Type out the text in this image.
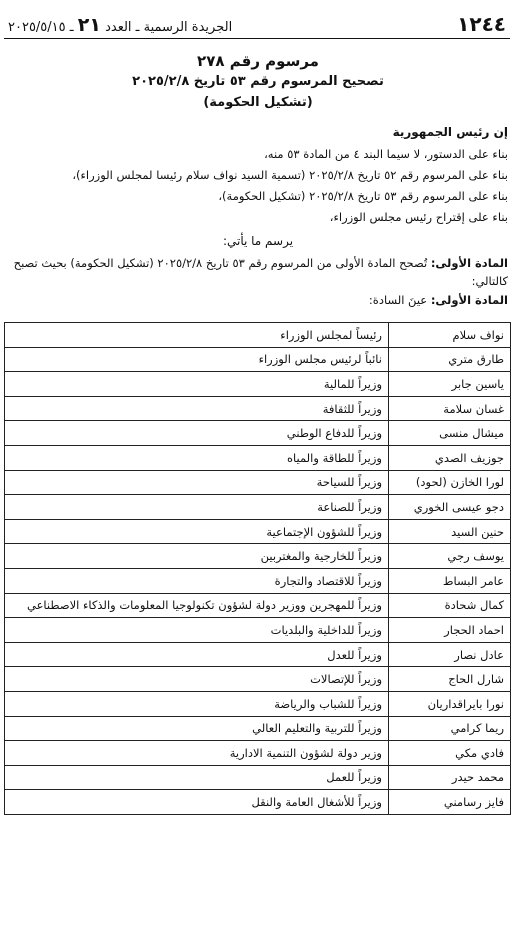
١٢٤٤
الجريدة الرسمية ـ العدد ٢١ ـ ٢٠٢٥/٥/١٥
مرسوم رقم ٢٧٨
تصحيح المرسوم رقم ٥٣ تاريخ ٢٠٢٥/٢/٨
(تشكيل الحكومة)
إن رئيس الجمهورية
بناء على الدستور، لا سيما البند ٤ من المادة ٥٣ منه،
بناء على المرسوم رقم ٥٢ تاريخ ٢٠٢٥/٢/٨ (تسمية السيد نواف سلام رئيسا لمجلس الوزراء)،
بناء على المرسوم رقم ٥٣ تاريخ ٢٠٢٥/٢/٨ (تشكيل الحكومة)،
بناء على إقتراح رئيس مجلس الوزراء،
يرسم ما يأتي:
المادة الأولى: تُصحح المادة الأولى من المرسوم رقم ٥٣ تاريخ ٢٠٢٥/٢/٨ (تشكيل الحكومة) بحيث تصبح كالتالي:
المادة الأولى: عينَ السادة:
نواف سلام	رئيساً لمجلس الوزراء
طارق متري	نائباً لرئيس مجلس الوزراء
ياسين جابر	وزيراً للمالية
غسان سلامة	وزيراً للثقافة
ميشال منسى	وزيراً للدفاع الوطني
جوزيف الصدي	وزيراً للطاقة والمياه
لورا الخازن (لحود)	وزيراً للسياحة
دجو عيسى الخوري	وزيراً للصناعة
حنين السيد	وزيراً للشؤون الإجتماعية
يوسف رجي	وزيراً للخارجية والمغتربين
عامر البساط	وزيراً للاقتصاد والتجارة
كمال شحادة	وزيراً للمهجرين ووزير دولة لشؤون تكنولوجيا المعلومات والذكاء الاصطناعي
احماد الحجار	وزيراً للداخلية والبلديات
عادل نصار	وزيراً للعدل
شارل الحاج	وزيراً للإتصالات
نورا بايراقداريان	وزيراً للشباب والرياضة
ريما كرامي	وزيراً للتربية والتعليم العالي
فادي مكي	وزير دولة لشؤون التنمية الادارية
محمد حيدر	وزيراً للعمل
فايز رسامني	وزيراً للأشغال العامة والنقل
